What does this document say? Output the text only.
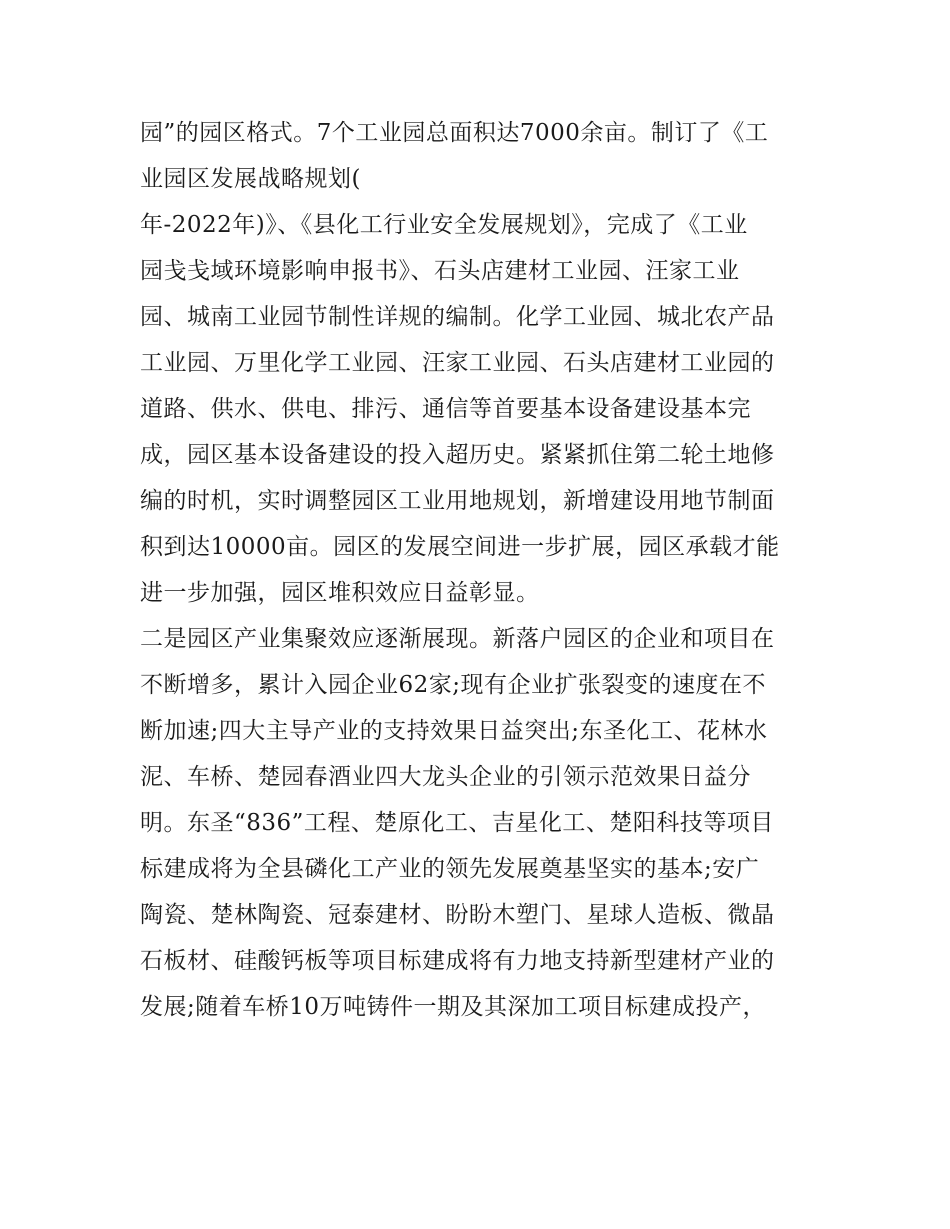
园”的园区格式。7个工业园总面积达7000余亩。制订了《工
业园区发展战略规划(
年-2022年)》、《县化工行业安全发展规划》，完成了《工业
园戋戋域环境影响申报书》、石头店建材工业园、汪家工业
园、城南工业园节制性详规的编制。化学工业园、城北农产品
工业园、万里化学工业园、汪家工业园、石头店建材工业园的
道路、供水、供电、排污、通信等首要基本设备建设基本完
成，园区基本设备建设的投入超历史。紧紧抓住第二轮土地修
编的时机，实时调整园区工业用地规划，新增建设用地节制面
积到达10000亩。园区的发展空间进一步扩展，园区承载才能
进一步加强，园区堆积效应日益彰显。
二是园区产业集聚效应逐渐展现。新落户园区的企业和项目在
不断增多，累计入园企业62家;现有企业扩张裂变的速度在不
断加速;四大主导产业的支持效果日益突出;东圣化工、花林水
泥、车桥、楚园春酒业四大龙头企业的引领示范效果日益分
明。东圣“836”工程、楚原化工、吉星化工、楚阳科技等项目
标建成将为全县磷化工产业的领先发展奠基坚实的基本;安广
陶瓷、楚林陶瓷、冠泰建材、盼盼木塑门、星球人造板、微晶
石板材、硅酸钙板等项目标建成将有力地支持新型建材产业的
发展;随着车桥10万吨铸件一期及其深加工项目标建成投产，
